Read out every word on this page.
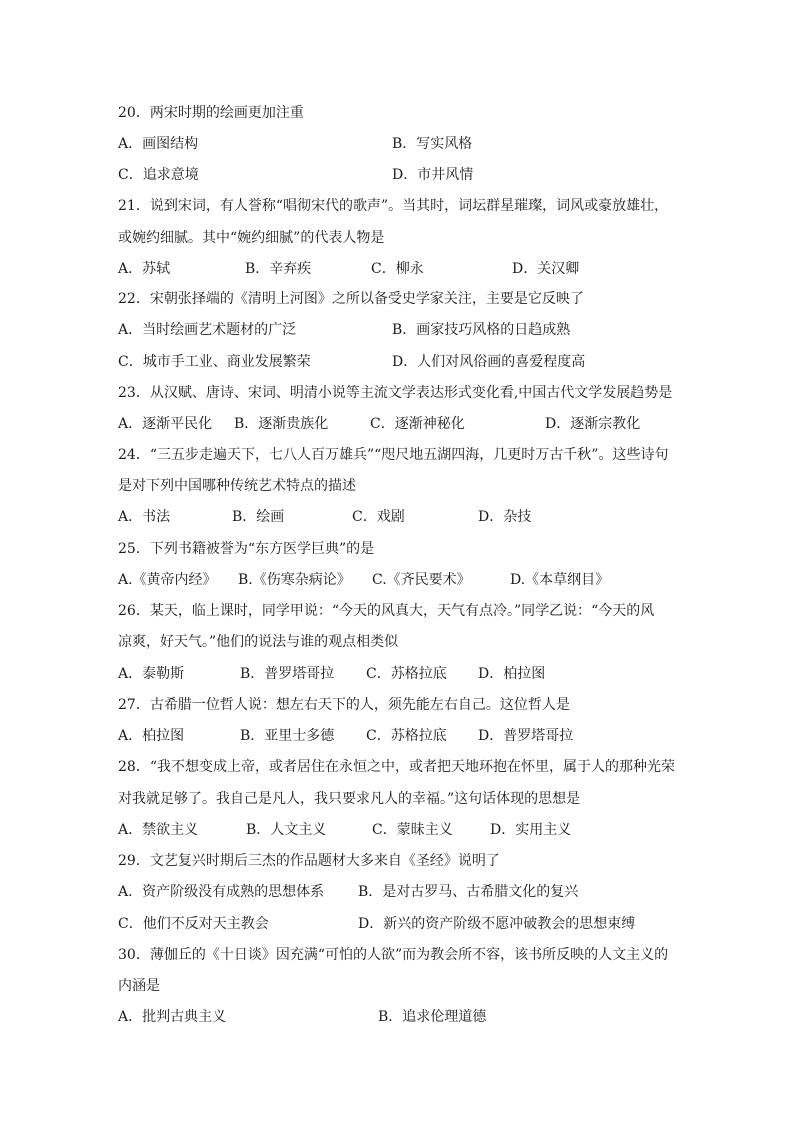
20．两宋时期的绘画更加注重
A．画图结构	B．写实风格
C．追求意境	D．市井风情
21．说到宋词，有人誉称“唱彻宋代的歌声”。当其时，词坛群星璀璨，词风或豪放雄壮，
或婉约细腻。其中“婉约细腻”的代表人物是
A．苏轼	B．辛弃疾	C．柳永	D．关汉卿
22．宋朝张择端的《清明上河图》之所以备受史学家关注，主要是它反映了
A．当时绘画艺术题材的广泛	B．画家技巧风格的日趋成熟
C．城市手工业、商业发展繁荣	D．人们对风俗画的喜爱程度高
23．从汉赋、唐诗、宋词、明清小说等主流文学表达形式变化看,中国古代文学发展趋势是
A．逐渐平民化 B．逐渐贵族化	C．逐渐神秘化	D．逐渐宗教化
24．“三五步走遍天下，七八人百万雄兵”“咫尺地五湖四海，几更时万古千秋”。这些诗句
是对下列中国哪种传统艺术特点的描述
A．书法	B．绘画	C．戏剧	D．杂技
25．下列书籍被誉为“东方医学巨典”的是
A.《黄帝内经》 B.《伤寒杂病论》 C.《齐民要术》	D.《本草纲目》
26．某天，临上课时，同学甲说：“今天的风真大，天气有点冷。”同学乙说：“今天的风
凉爽，好天气。”他们的说法与谁的观点相类似
A．泰勒斯	B．普罗塔哥拉 C．苏格拉底 D．柏拉图
27．古希腊一位哲人说：想左右天下的人，须先能左右自己。这位哲人是
A．柏拉图	B．亚里士多德 C．苏格拉底 D．普罗塔哥拉
28．“我不想变成上帝，或者居住在永恒之中，或者把天地环抱在怀里，属于人的那种光荣
对我就足够了。我自己是凡人，我只要求凡人的幸福。”这句话体现的思想是
A．禁欲主义	B．人文主义	C．蒙昧主义	D．实用主义
29．文艺复兴时期后三杰的作品题材大多来自《圣经》说明了
A．资产阶级没有成熟的思想体系 B．是对古罗马、古希腊文化的复兴
C．他们不反对天主教会	D．新兴的资产阶级不愿冲破教会的思想束缚
30．薄伽丘的《十日谈》因充满“可怕的人欲”而为教会所不容，该书所反映的人文主义的
内涵是
A．批判古典主义	B．追求伦理道德
